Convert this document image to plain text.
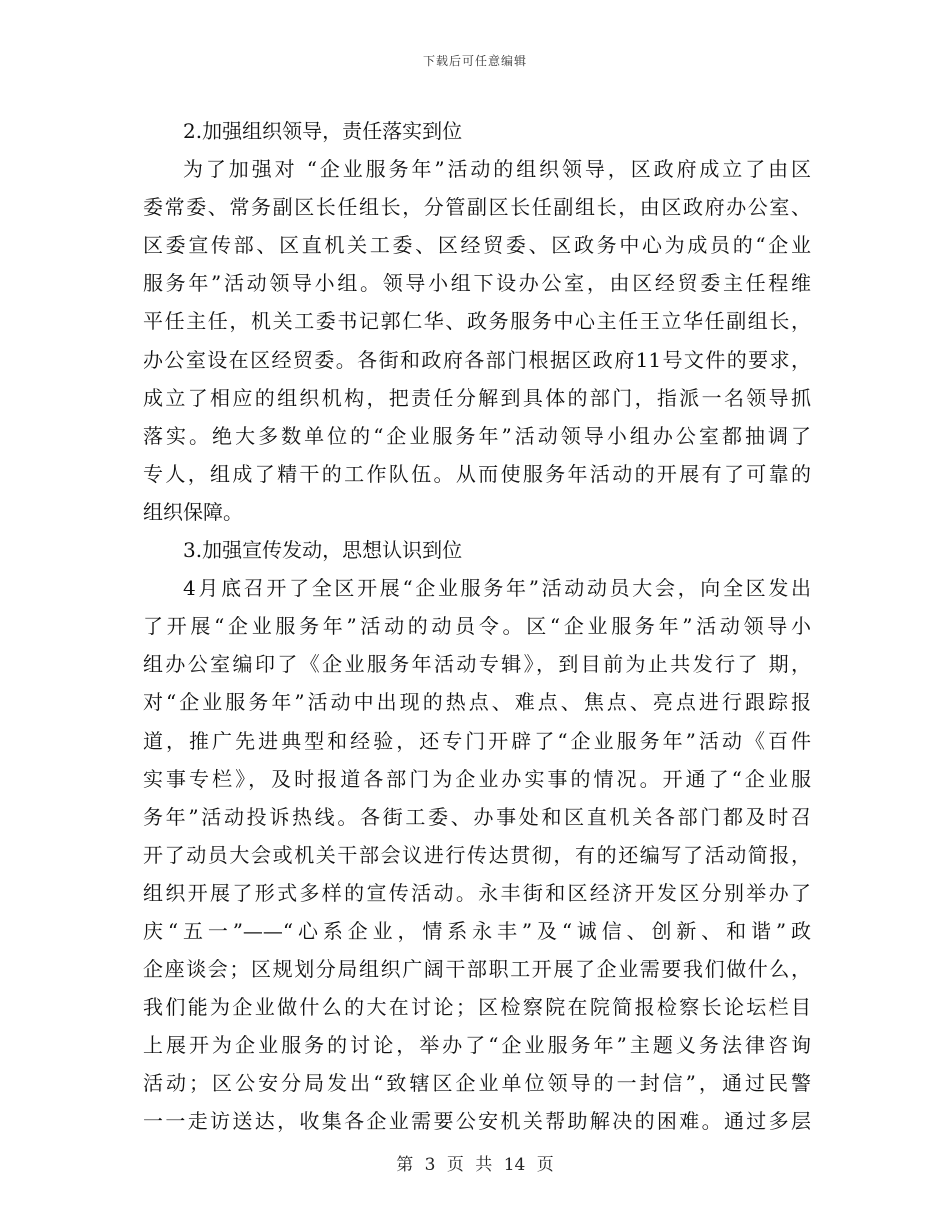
下载后可任意编辑
2.加强组织领导，责任落实到位
为了加强对 “企业服务年”活动的组织领导，区政府成立了由区
委常委、常务副区长任组长，分管副区长任副组长，由区政府办公室、
区委宣传部、区直机关工委、区经贸委、区政务中心为成员的“企业
服务年”活动领导小组。领导小组下设办公室，由区经贸委主任程维
平任主任，机关工委书记郭仁华、政务服务中心主任王立华任副组长，
办公室设在区经贸委。各街和政府各部门根据区政府11号文件的要求，
成立了相应的组织机构，把责任分解到具体的部门，指派一名领导抓
落实。绝大多数单位的“企业服务年”活动领导小组办公室都抽调了
专人，组成了精干的工作队伍。从而使服务年活动的开展有了可靠的
组织保障。
3.加强宣传发动，思想认识到位
4月底召开了全区开展“企业服务年”活动动员大会，向全区发出
了开展“企业服务年”活动的动员令。区“企业服务年”活动领导小
组办公室编印了《企业服务年活动专辑》，到目前为止共发行了 期，
对“企业服务年”活动中出现的热点、难点、焦点、亮点进行跟踪报
道，推广先进典型和经验，还专门开辟了“企业服务年”活动《百件
实事专栏》，及时报道各部门为企业办实事的情况。开通了“企业服
务年”活动投诉热线。各街工委、办事处和区直机关各部门都及时召
开了动员大会或机关干部会议进行传达贯彻，有的还编写了活动简报，
组织开展了形式多样的宣传活动。永丰街和区经济开发区分别举办了
庆“五一”——“心系企业，情系永丰”及“诚信、创新、和谐”政
企座谈会；区规划分局组织广阔干部职工开展了企业需要我们做什么，
我们能为企业做什么的大在讨论；区检察院在院简报检察长论坛栏目
上展开为企业服务的讨论，举办了“企业服务年”主题义务法律咨询
活动；区公安分局发出“致辖区企业单位领导的一封信”，通过民警
一一走访送达，收集各企业需要公安机关帮助解决的困难。通过多层
第 3 页 共 14 页
